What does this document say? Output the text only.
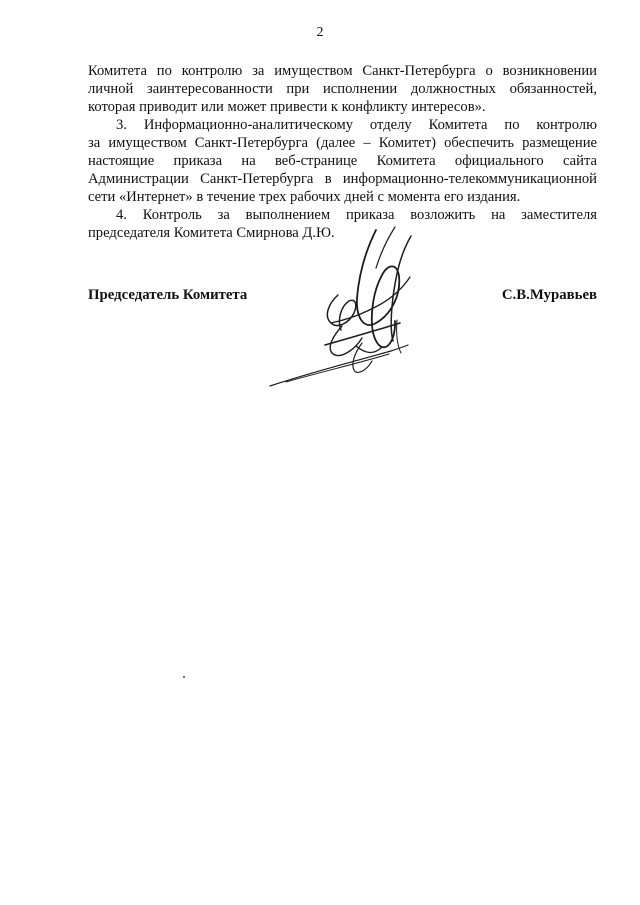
2
Комитета по контролю за имуществом Санкт-Петербурга о возникновении
личной заинтересованности при исполнении должностных обязанностей,
которая приводит или может привести к конфликту интересов».
3. Информационно-аналитическому отделу Комитета по контролю
за имуществом Санкт-Петербурга (далее – Комитет) обеспечить размещение
настоящие приказа на веб-странице Комитета официального сайта
Администрации Санкт-Петербурга в информационно-телекоммуникационной
сети «Интернет» в течение трех рабочих дней с момента его издания.
4. Контроль за выполнением приказа возложить на заместителя
председателя Комитета Смирнова Д.Ю.
Председатель Комитета	С.В.Муравьев
